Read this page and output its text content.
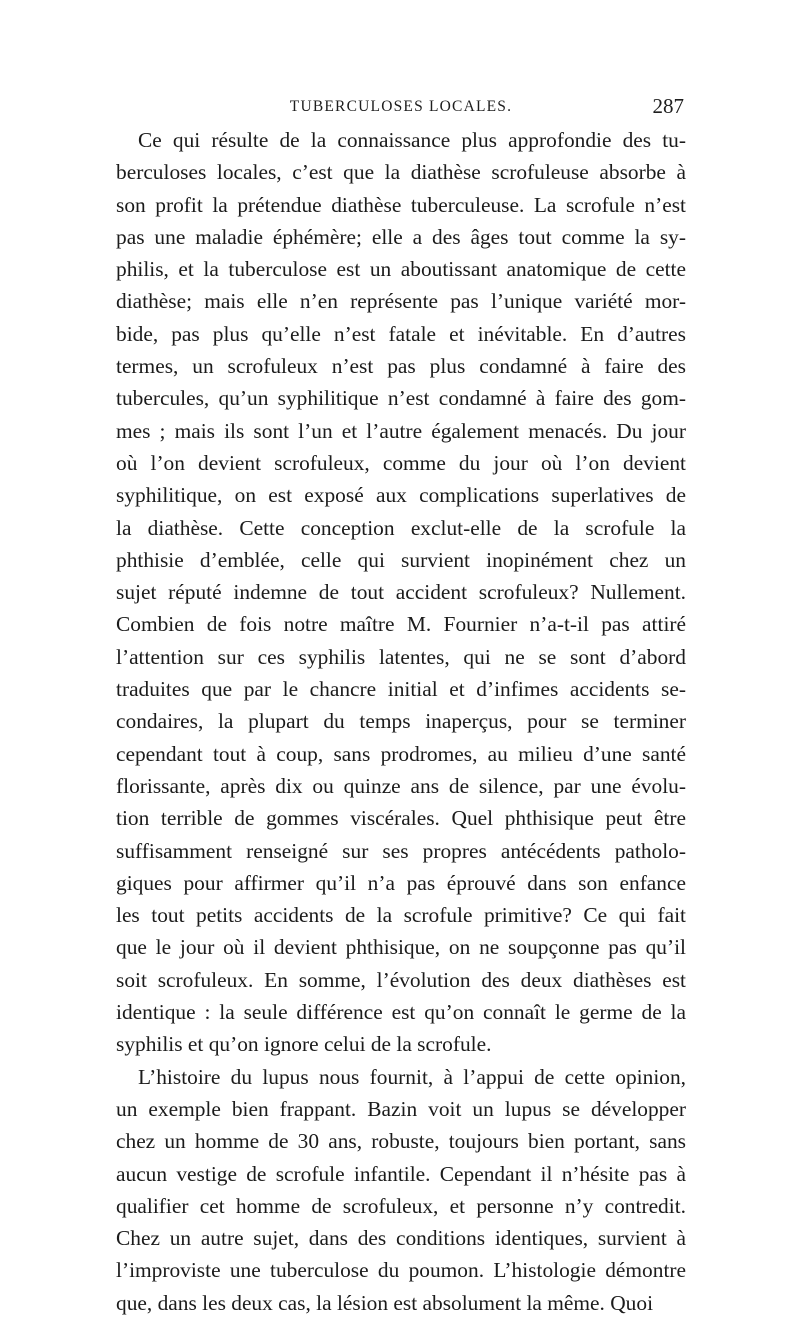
TUBERCULOSES LOCALES.	287
Ce qui résulte de la connaissance plus approfondie des tu-
berculoses locales, c’est que la diathèse scrofuleuse absorbe à
son profit la prétendue diathèse tuberculeuse. La scrofule n’est
pas une maladie éphémère; elle a des âges tout comme la sy-
philis, et la tuberculose est un aboutissant anatomique de cette
diathèse; mais elle n’en représente pas l’unique variété mor-
bide, pas plus qu’elle n’est fatale et inévitable. En d’autres
termes, un scrofuleux n’est pas plus condamné à faire des
tubercules, qu’un syphilitique n’est condamné à faire des gom-
mes ; mais ils sont l’un et l’autre également menacés. Du jour
où l’on devient scrofuleux, comme du jour où l’on devient
syphilitique, on est exposé aux complications superlatives de
la diathèse. Cette conception exclut-elle de la scrofule la
phthisie d’emblée, celle qui survient inopinément chez un
sujet réputé indemne de tout accident scrofuleux? Nullement.
Combien de fois notre maître M. Fournier n’a-t-il pas attiré
l’attention sur ces syphilis latentes, qui ne se sont d’abord
traduites que par le chancre initial et d’infimes accidents se-
condaires, la plupart du temps inaperçus, pour se terminer
cependant tout à coup, sans prodromes, au milieu d’une santé
florissante, après dix ou quinze ans de silence, par une évolu-
tion terrible de gommes viscérales. Quel phthisique peut être
suffisamment renseigné sur ses propres antécédents patholo-
giques pour affirmer qu’il n’a pas éprouvé dans son enfance
les tout petits accidents de la scrofule primitive? Ce qui fait
que le jour où il devient phthisique, on ne soupçonne pas qu’il
soit scrofuleux. En somme, l’évolution des deux diathèses est
identique : la seule différence est qu’on connaît le germe de la
syphilis et qu’on ignore celui de la scrofule.
L’histoire du lupus nous fournit, à l’appui de cette opinion,
un exemple bien frappant. Bazin voit un lupus se développer
chez un homme de 30 ans, robuste, toujours bien portant, sans
aucun vestige de scrofule infantile. Cependant il n’hésite pas à
qualifier cet homme de scrofuleux, et personne n’y contredit.
Chez un autre sujet, dans des conditions identiques, survient à
l’improviste une tuberculose du poumon. L’histologie démontre
que, dans les deux cas, la lésion est absolument la même. Quoi
